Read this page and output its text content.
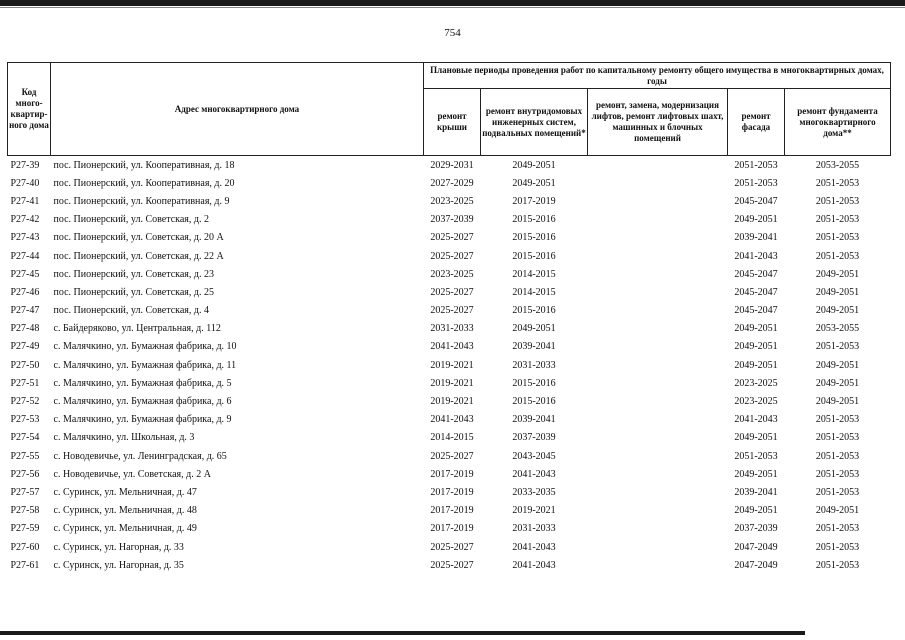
754
Код много-квартир-ного дома	Адрес многоквартирного дома	Плановые периоды проведения работ по капитальному ремонту общего имущества в многоквартирных домах, годы				
		ремонт крыши	ремонт внутридомовых инженерных систем, подвальных помещений*	ремонт, замена, модернизация лифтов, ремонт лифтовых шахт, машинных и блочных помещений	ремонт фасада	ремонт фундамента многоквартирного дома**
P27-39	пос. Пионерский, ул. Кооперативная, д. 18	2029-2031	2049-2051		2051-2053	2053-2055
P27-40	пос. Пионерский, ул. Кооперативная, д. 20	2027-2029	2049-2051		2051-2053	2051-2053
P27-41	пос. Пионерский, ул. Кооперативная, д. 9	2023-2025	2017-2019		2045-2047	2051-2053
P27-42	пос. Пионерский, ул. Советская, д. 2	2037-2039	2015-2016		2049-2051	2051-2053
P27-43	пос. Пионерский, ул. Советская, д. 20 А	2025-2027	2015-2016		2039-2041	2051-2053
P27-44	пос. Пионерский, ул. Советская, д. 22 А	2025-2027	2015-2016		2041-2043	2051-2053
P27-45	пос. Пионерский, ул. Советская, д. 23	2023-2025	2014-2015		2045-2047	2049-2051
P27-46	пос. Пионерский, ул. Советская, д. 25	2025-2027	2014-2015		2045-2047	2049-2051
P27-47	пос. Пионерский, ул. Советская, д. 4	2025-2027	2015-2016		2045-2047	2049-2051
P27-48	с. Байдеряково, ул. Центральная, д. 112	2031-2033	2049-2051		2049-2051	2053-2055
P27-49	с. Малячкино, ул. Бумажная фабрика, д. 10	2041-2043	2039-2041		2049-2051	2051-2053
P27-50	с. Малячкино, ул. Бумажная фабрика, д. 11	2019-2021	2031-2033		2049-2051	2049-2051
P27-51	с. Малячкино, ул. Бумажная фабрика, д. 5	2019-2021	2015-2016		2023-2025	2049-2051
P27-52	с. Малячкино, ул. Бумажная фабрика, д. 6	2019-2021	2015-2016		2023-2025	2049-2051
P27-53	с. Малячкино, ул. Бумажная фабрика, д. 9	2041-2043	2039-2041		2041-2043	2051-2053
P27-54	с. Малячкино, ул. Школьная, д. 3	2014-2015	2037-2039		2049-2051	2051-2053
P27-55	с. Новодевичье, ул. Ленинградская, д. 65	2025-2027	2043-2045		2051-2053	2051-2053
P27-56	с. Новодевичье, ул. Советская, д. 2 А	2017-2019	2041-2043		2049-2051	2051-2053
P27-57	с. Суринск, ул. Мельничная, д. 47	2017-2019	2033-2035		2039-2041	2051-2053
P27-58	с. Суринск, ул. Мельничная, д. 48	2017-2019	2019-2021		2049-2051	2049-2051
P27-59	с. Суринск, ул. Мельничная, д. 49	2017-2019	2031-2033		2037-2039	2051-2053
P27-60	с. Суринск, ул. Нагорная, д. 33	2025-2027	2041-2043		2047-2049	2051-2053
P27-61	с. Суринск, ул. Нагорная, д. 35	2025-2027	2041-2043		2047-2049	2051-2053
